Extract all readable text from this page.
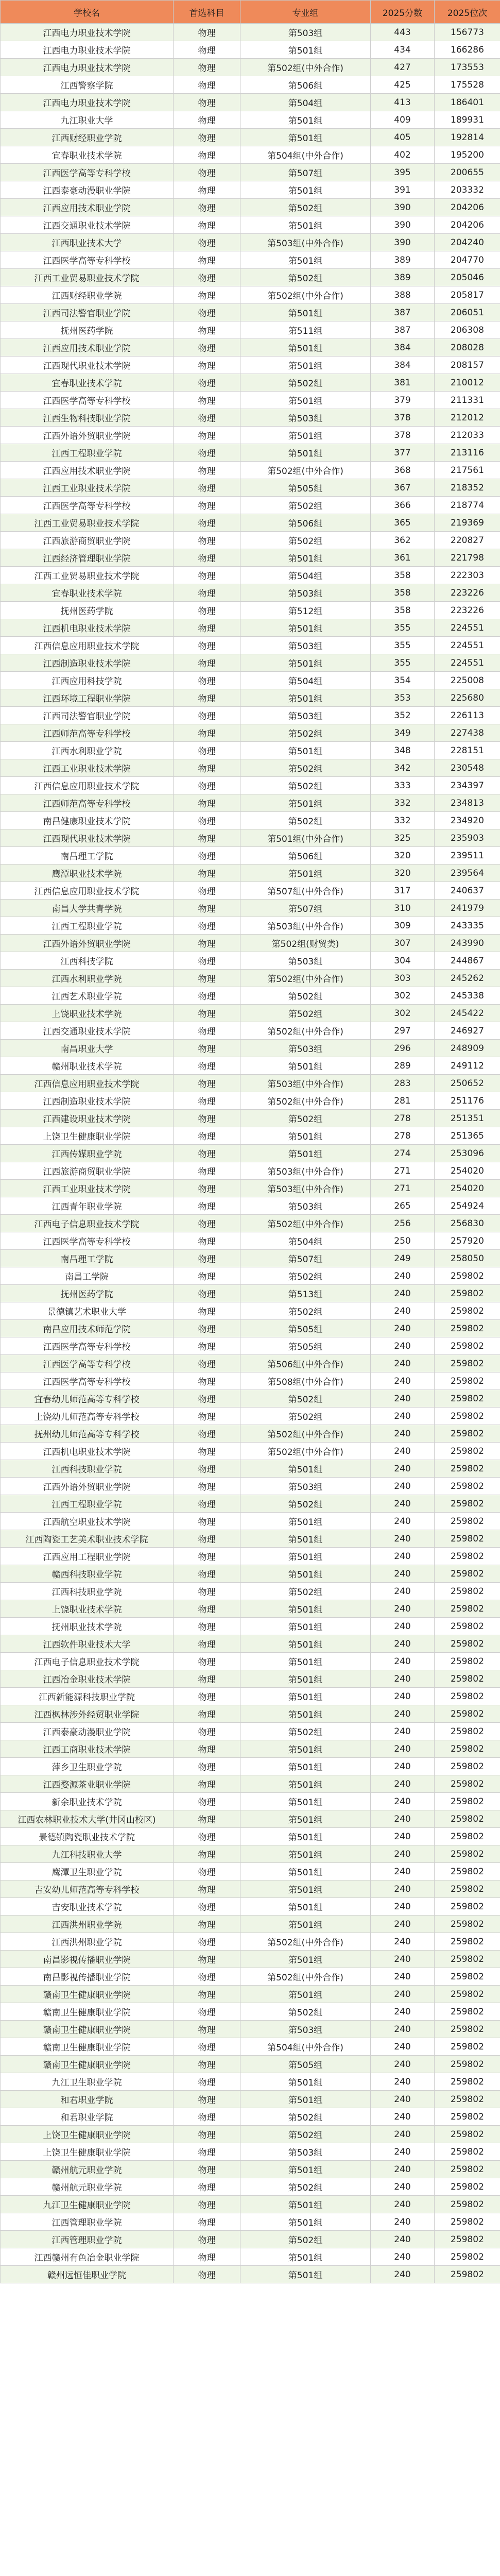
学校名	首选科目	专业组	2025分数	2025位次
江西电力职业技术学院	物理	第503组	443	156773
江西电力职业技术学院	物理	第501组	434	166286
江西电力职业技术学院	物理	第502组(中外合作)	427	173553
江西警察学院	物理	第506组	425	175528
江西电力职业技术学院	物理	第504组	413	186401
九江职业大学	物理	第501组	409	189931
江西财经职业学院	物理	第501组	405	192814
宜春职业技术学院	物理	第504组(中外合作)	402	195200
江西医学高等专科学校	物理	第507组	395	200655
江西泰豪动漫职业学院	物理	第501组	391	203332
江西应用技术职业学院	物理	第502组	390	204206
江西交通职业技术学院	物理	第501组	390	204206
江西职业技术大学	物理	第503组(中外合作)	390	204240
江西医学高等专科学校	物理	第501组	389	204770
江西工业贸易职业技术学院	物理	第502组	389	205046
江西财经职业学院	物理	第502组(中外合作)	388	205817
江西司法警官职业学院	物理	第501组	387	206051
抚州医药学院	物理	第511组	387	206308
江西应用技术职业学院	物理	第501组	384	208028
江西现代职业技术学院	物理	第501组	384	208157
宜春职业技术学院	物理	第502组	381	210012
江西医学高等专科学校	物理	第501组	379	211331
江西生物科技职业学院	物理	第503组	378	212012
江西外语外贸职业学院	物理	第501组	378	212033
江西工程职业学院	物理	第501组	377	213116
江西应用技术职业学院	物理	第502组(中外合作)	368	217561
江西工业职业技术学院	物理	第505组	367	218352
江西医学高等专科学校	物理	第502组	366	218774
江西工业贸易职业技术学院	物理	第506组	365	219369
江西旅游商贸职业学院	物理	第502组	362	220827
江西经济管理职业学院	物理	第501组	361	221798
江西工业贸易职业技术学院	物理	第504组	358	222303
宜春职业技术学院	物理	第503组	358	223226
抚州医药学院	物理	第512组	358	223226
江西机电职业技术学院	物理	第501组	355	224551
江西信息应用职业技术学院	物理	第503组	355	224551
江西制造职业技术学院	物理	第501组	355	224551
江西应用科技学院	物理	第504组	354	225008
江西环境工程职业学院	物理	第501组	353	225680
江西司法警官职业学院	物理	第503组	352	226113
江西师范高等专科学校	物理	第502组	349	227438
江西水利职业学院	物理	第501组	348	228151
江西工业职业技术学院	物理	第502组	342	230548
江西信息应用职业技术学院	物理	第502组	333	234397
江西师范高等专科学校	物理	第501组	332	234813
南昌健康职业技术学院	物理	第502组	332	234920
江西现代职业技术学院	物理	第501组(中外合作)	325	235903
南昌理工学院	物理	第506组	320	239511
鹰潭职业技术学院	物理	第501组	320	239564
江西信息应用职业技术学院	物理	第507组(中外合作)	317	240637
南昌大学共青学院	物理	第507组	310	241979
江西工程职业学院	物理	第503组(中外合作)	309	243335
江西外语外贸职业学院	物理	第502组(财贸类)	307	243990
江西科技学院	物理	第503组	304	244867
江西水利职业学院	物理	第502组(中外合作)	303	245262
江西艺术职业学院	物理	第502组	302	245338
上饶职业技术学院	物理	第502组	302	245422
江西交通职业技术学院	物理	第502组(中外合作)	297	246927
南昌职业大学	物理	第503组	296	248909
赣州职业技术学院	物理	第501组	289	249112
江西信息应用职业技术学院	物理	第503组(中外合作)	283	250652
江西制造职业技术学院	物理	第502组(中外合作)	281	251176
江西建设职业技术学院	物理	第502组	278	251351
上饶卫生健康职业学院	物理	第501组	278	251365
江西传媒职业学院	物理	第501组	274	253096
江西旅游商贸职业学院	物理	第503组(中外合作)	271	254020
江西工业职业技术学院	物理	第503组(中外合作)	271	254020
江西青年职业学院	物理	第503组	265	254924
江西电子信息职业技术学院	物理	第502组(中外合作)	256	256830
江西医学高等专科学校	物理	第504组	250	257920
南昌理工学院	物理	第507组	249	258050
南昌工学院	物理	第502组	240	259802
抚州医药学院	物理	第513组	240	259802
景德镇艺术职业大学	物理	第502组	240	259802
南昌应用技术师范学院	物理	第505组	240	259802
江西医学高等专科学校	物理	第505组	240	259802
江西医学高等专科学校	物理	第506组(中外合作)	240	259802
江西医学高等专科学校	物理	第508组(中外合作)	240	259802
宜春幼儿师范高等专科学校	物理	第502组	240	259802
上饶幼儿师范高等专科学校	物理	第502组	240	259802
抚州幼儿师范高等专科学校	物理	第502组(中外合作)	240	259802
江西机电职业技术学院	物理	第502组(中外合作)	240	259802
江西科技职业学院	物理	第501组	240	259802
江西外语外贸职业学院	物理	第503组	240	259802
江西工程职业学院	物理	第502组	240	259802
江西航空职业技术学院	物理	第501组	240	259802
江西陶瓷工艺美术职业技术学院	物理	第501组	240	259802
江西应用工程职业学院	物理	第501组	240	259802
赣西科技职业学院	物理	第501组	240	259802
江西科技职业学院	物理	第502组	240	259802
上饶职业技术学院	物理	第501组	240	259802
抚州职业技术学院	物理	第501组	240	259802
江西软件职业技术大学	物理	第501组	240	259802
江西电子信息职业技术学院	物理	第501组	240	259802
江西冶金职业技术学院	物理	第501组	240	259802
江西新能源科技职业学院	物理	第501组	240	259802
江西枫林涉外经贸职业学院	物理	第501组	240	259802
江西泰豪动漫职业学院	物理	第502组	240	259802
江西工商职业技术学院	物理	第501组	240	259802
萍乡卫生职业学院	物理	第501组	240	259802
江西婺源茶业职业学院	物理	第501组	240	259802
新余职业技术学院	物理	第501组	240	259802
江西农林职业技术大学(井冈山校区)	物理	第501组	240	259802
景德镇陶瓷职业技术学院	物理	第501组	240	259802
九江科技职业大学	物理	第501组	240	259802
鹰潭卫生职业学院	物理	第501组	240	259802
吉安幼儿师范高等专科学校	物理	第501组	240	259802
吉安职业技术学院	物理	第501组	240	259802
江西洪州职业学院	物理	第501组	240	259802
江西洪州职业学院	物理	第502组(中外合作)	240	259802
南昌影视传播职业学院	物理	第501组	240	259802
南昌影视传播职业学院	物理	第502组(中外合作)	240	259802
赣南卫生健康职业学院	物理	第501组	240	259802
赣南卫生健康职业学院	物理	第502组	240	259802
赣南卫生健康职业学院	物理	第503组	240	259802
赣南卫生健康职业学院	物理	第504组(中外合作)	240	259802
赣南卫生健康职业学院	物理	第505组	240	259802
九江卫生职业学院	物理	第501组	240	259802
和君职业学院	物理	第501组	240	259802
和君职业学院	物理	第502组	240	259802
上饶卫生健康职业学院	物理	第502组	240	259802
上饶卫生健康职业学院	物理	第503组	240	259802
赣州航元职业学院	物理	第501组	240	259802
赣州航元职业学院	物理	第502组	240	259802
九江卫生健康职业学院	物理	第501组	240	259802
江西管理职业学院	物理	第501组	240	259802
江西管理职业学院	物理	第502组	240	259802
江西赣州有色冶金职业学院	物理	第501组	240	259802
赣州远恒佳职业学院	物理	第501组	240	259802
